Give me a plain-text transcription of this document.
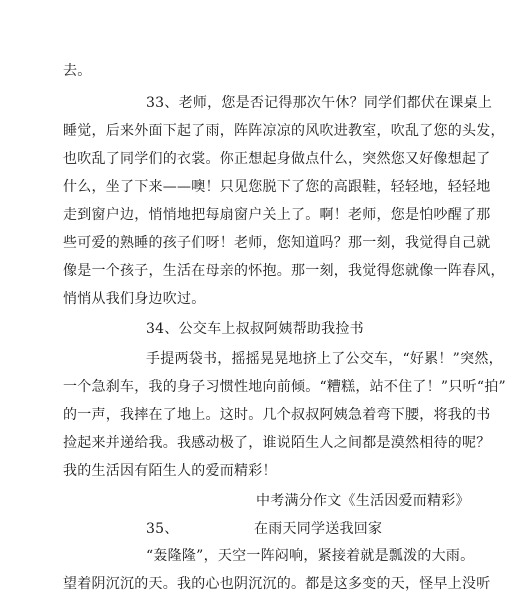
去。
33、老师，您是否记得那次午休？同学们都伏在课桌上
睡觉，后来外面下起了雨，阵阵凉凉的风吹进教室，吹乱了您的头发，
也吹乱了同学们的衣裳。你正想起身做点什么，突然您又好像想起了
什么，坐了下来——噢！只见您脱下了您的高跟鞋，轻轻地，轻轻地
走到窗户边，悄悄地把每扇窗户关上了。啊！老师，您是怕吵醒了那
些可爱的熟睡的孩子们呀！老师，您知道吗？那一刻，我觉得自己就
像是一个孩子，生活在母亲的怀抱。那一刻，我觉得您就像一阵春风，
悄悄从我们身边吹过。
34、公交车上叔叔阿姨帮助我捡书
手提两袋书，摇摇晃晃地挤上了公交车，“好累！”突然，
一个急刹车，我的身子习惯性地向前倾。“糟糕，站不住了！”只听“拍”
的一声，我摔在了地上。这时。几个叔叔阿姨急着弯下腰，将我的书
捡起来并递给我。我感动极了，谁说陌生人之间都是漠然相待的呢？
我的生活因有陌生人的爱而精彩！
中考满分作文《生活因爱而精彩》
35、	在雨天同学送我回家
“轰隆隆”，天空一阵闷响，紧接着就是瓢泼的大雨。
望着阴沉沉的天。我的心也阴沉沉的。都是这多变的天，怪早上没听
